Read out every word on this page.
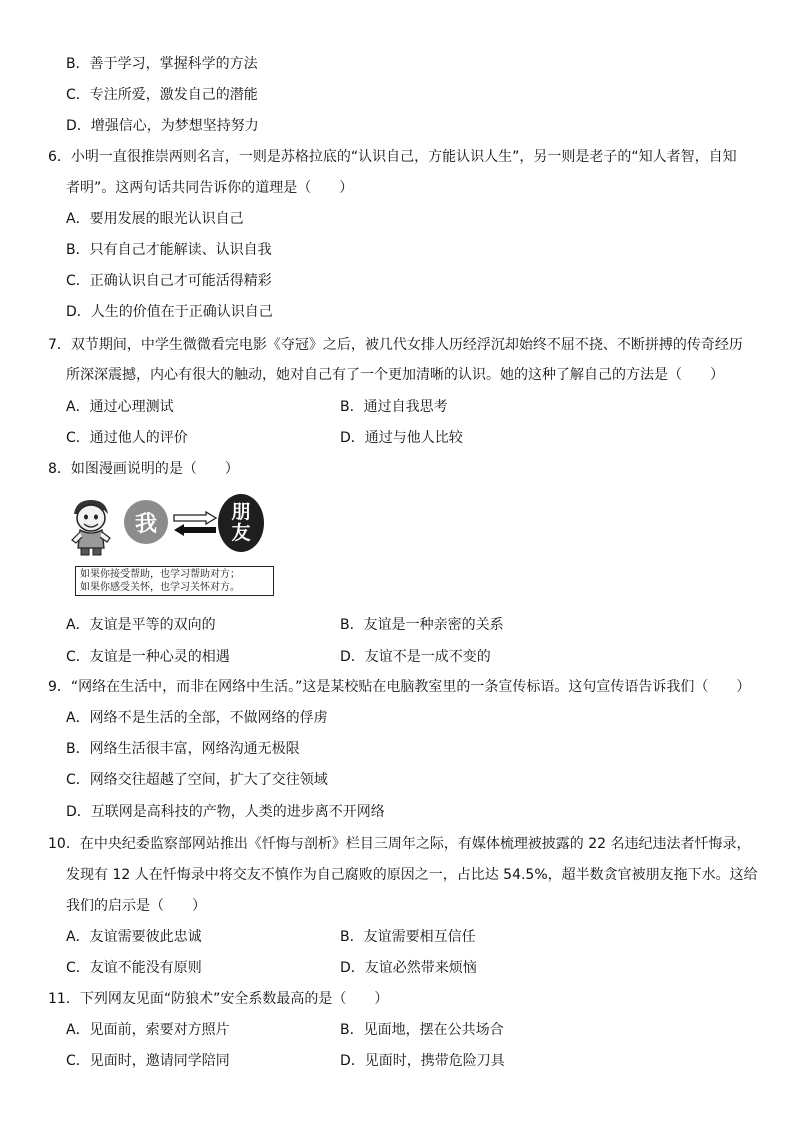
B．善于学习，掌握科学的方法
C．专注所爱，激发自己的潜能
D．增强信心，为梦想坚持努力
6．小明一直很推崇两则名言，一则是苏格拉底的“认识自己，方能认识人生”，另一则是老子的“知人者智，自知
者明”。这两句话共同告诉你的道理是（　　）
A．要用发展的眼光认识自己
B．只有自己才能解读、认识自我
C．正确认识自己才可能活得精彩
D．人生的价值在于正确认识自己
7．双节期间，中学生微微看完电影《夺冠》之后，被几代女排人历经浮沉却始终不屈不挠、不断拼搏的传奇经历
所深深震撼，内心有很大的触动，她对自己有了一个更加清晰的认识。她的这种了解自己的方法是（　　）
A．通过心理测试	B．通过自我思考
C．通过他人的评价	D．通过与他人比较
8．如图漫画说明的是（　　）
我	朋
友
如果你接受帮助，也学习帮助对方；
如果你感受关怀，也学习关怀对方。
A．友谊是平等的双向的	B．友谊是一种亲密的关系
C．友谊是一种心灵的相遇	D．友谊不是一成不变的
9．“网络在生活中，而非在网络中生活。”这是某校贴在电脑教室里的一条宣传标语。这句宣传语告诉我们（　　）
A．网络不是生活的全部，不做网络的俘虏
B．网络生活很丰富，网络沟通无极限
C．网络交往超越了空间，扩大了交往领域
D．互联网是高科技的产物，人类的进步离不开网络
10．在中央纪委监察部网站推出《忏悔与剖析》栏目三周年之际，有媒体梳理被披露的 22 名违纪违法者忏悔录，
发现有 12 人在忏悔录中将交友不慎作为自己腐败的原因之一，占比达 54.5%，超半数贪官被朋友拖下水。这给
我们的启示是（　　）
A．友谊需要彼此忠诚	B．友谊需要相互信任
C．友谊不能没有原则	D．友谊必然带来烦恼
11．下列网友见面“防狼术”安全系数最高的是（　　）
A．见面前，索要对方照片	B．见面地，摆在公共场合
C．见面时，邀请同学陪同	D．见面时，携带危险刀具
